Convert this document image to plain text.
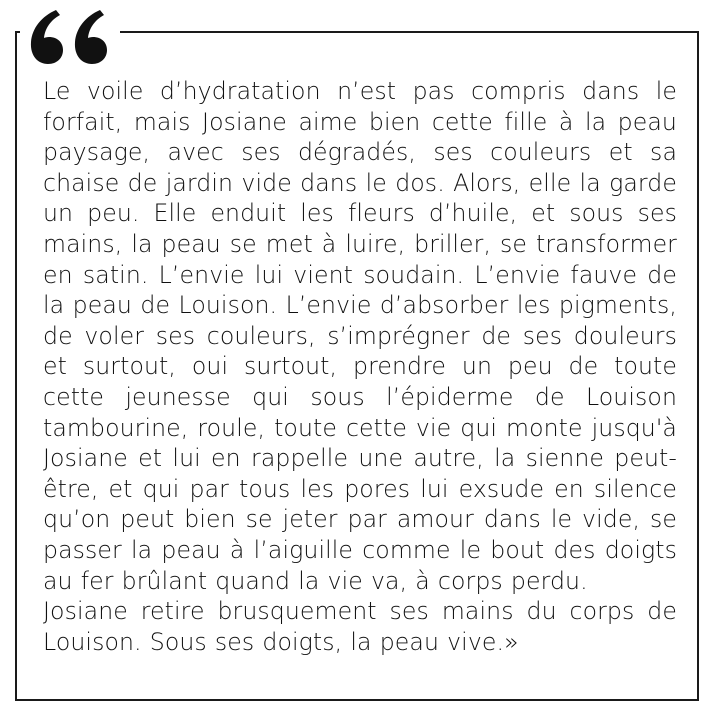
Le voile d’hydratation n’est pas compris dans le forfait, mais Josiane aime bien cette fille à la peau paysage, avec ses dégradés, ses couleurs et sa chaise de jardin vide dans le dos. Alors, elle la garde un peu. Elle enduit les fleurs d’huile, et sous ses mains, la peau se met à luire, briller, se transformer en satin. L’envie lui vient soudain. L’envie fauve de la peau de Louison. L’envie d’absorber les pigments, de voler ses couleurs, s’imprégner de ses douleurs et surtout, oui surtout, prendre un peu de toute cette jeunesse qui sous l’épiderme de Louison tambourine, roule, toute cette vie qui monte jusqu'à Josiane et lui en rappelle une autre, la sienne peut-être, et qui par tous les pores lui exsude en silence qu’on peut bien se jeter par amour dans le vide, se passer la peau à l’aiguille comme le bout des doigts au fer brûlant quand la vie va, à corps perdu.

Josiane retire brusquement ses mains du corps de Louison. Sous ses doigts, la peau vive.»
